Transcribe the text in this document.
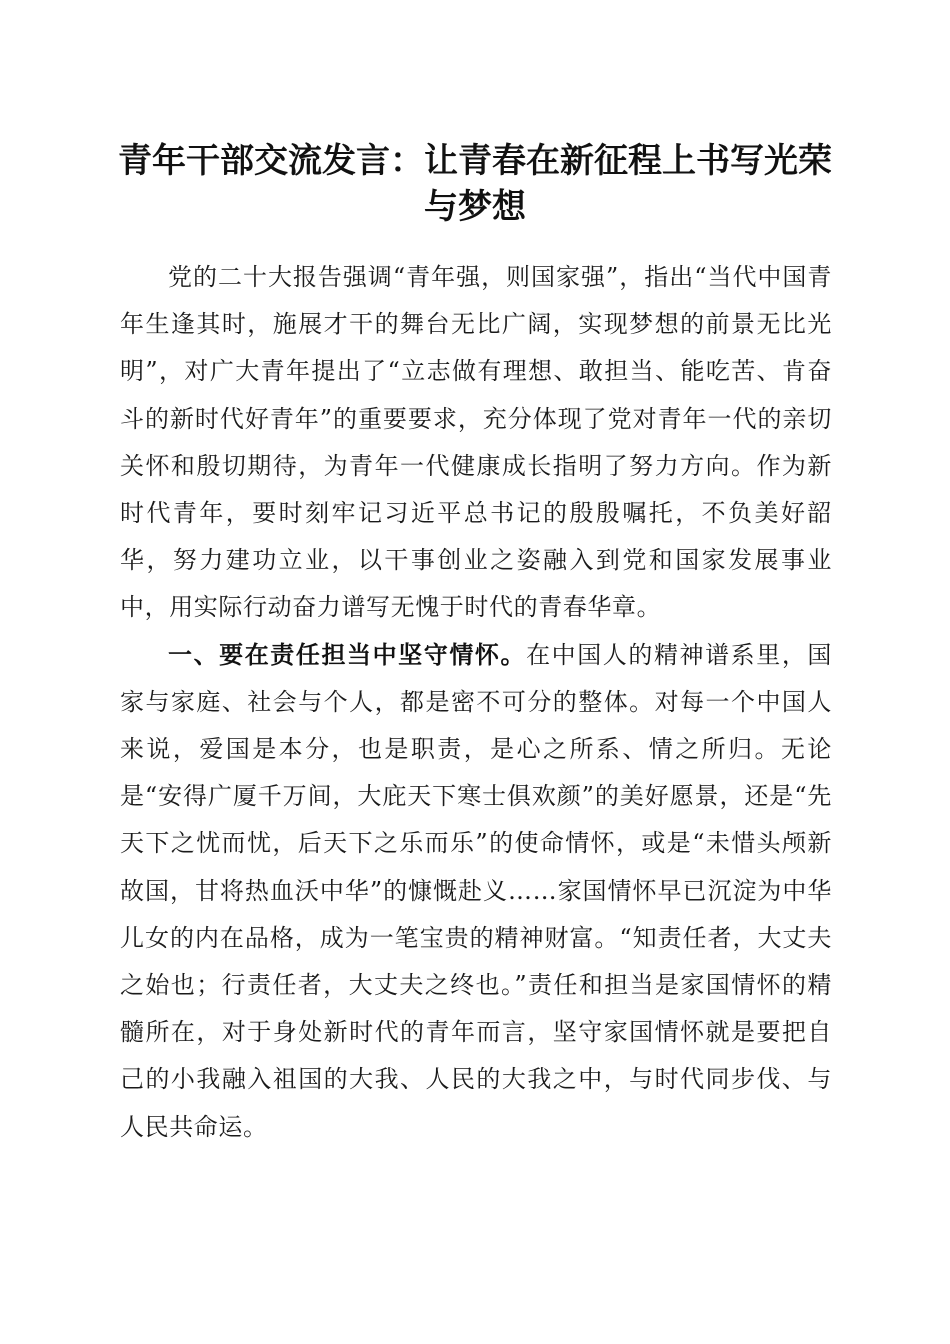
青年干部交流发言：让青春在新征程上书写光荣与梦想

党的二十大报告强调“青年强，则国家强”，指出“当代中国青年生逢其时，施展才干的舞台无比广阔，实现梦想的前景无比光明”，对广大青年提出了“立志做有理想、敢担当、能吃苦、肯奋斗的新时代好青年”的重要要求，充分体现了党对青年一代的亲切关怀和殷切期待，为青年一代健康成长指明了努力方向。作为新时代青年，要时刻牢记习近平总书记的殷殷嘱托，不负美好韶华，努力建功立业，以干事创业之姿融入到党和国家发展事业中，用实际行动奋力谱写无愧于时代的青春华章。

一、要在责任担当中坚守情怀。在中国人的精神谱系里，国家与家庭、社会与个人，都是密不可分的整体。对每一个中国人来说，爱国是本分，也是职责，是心之所系、情之所归。无论是“安得广厦千万间，大庇天下寒士俱欢颜”的美好愿景，还是“先天下之忧而忧，后天下之乐而乐”的使命情怀，或是“未惜头颅新故国，甘将热血沃中华”的慷慨赴义……家国情怀早已沉淀为中华儿女的内在品格，成为一笔宝贵的精神财富。“知责任者，大丈夫之始也；行责任者，大丈夫之终也。”责任和担当是家国情怀的精髓所在，对于身处新时代的青年而言，坚守家国情怀就是要把自己的小我融入祖国的大我、人民的大我之中，与时代同步伐、与人民共命运。
